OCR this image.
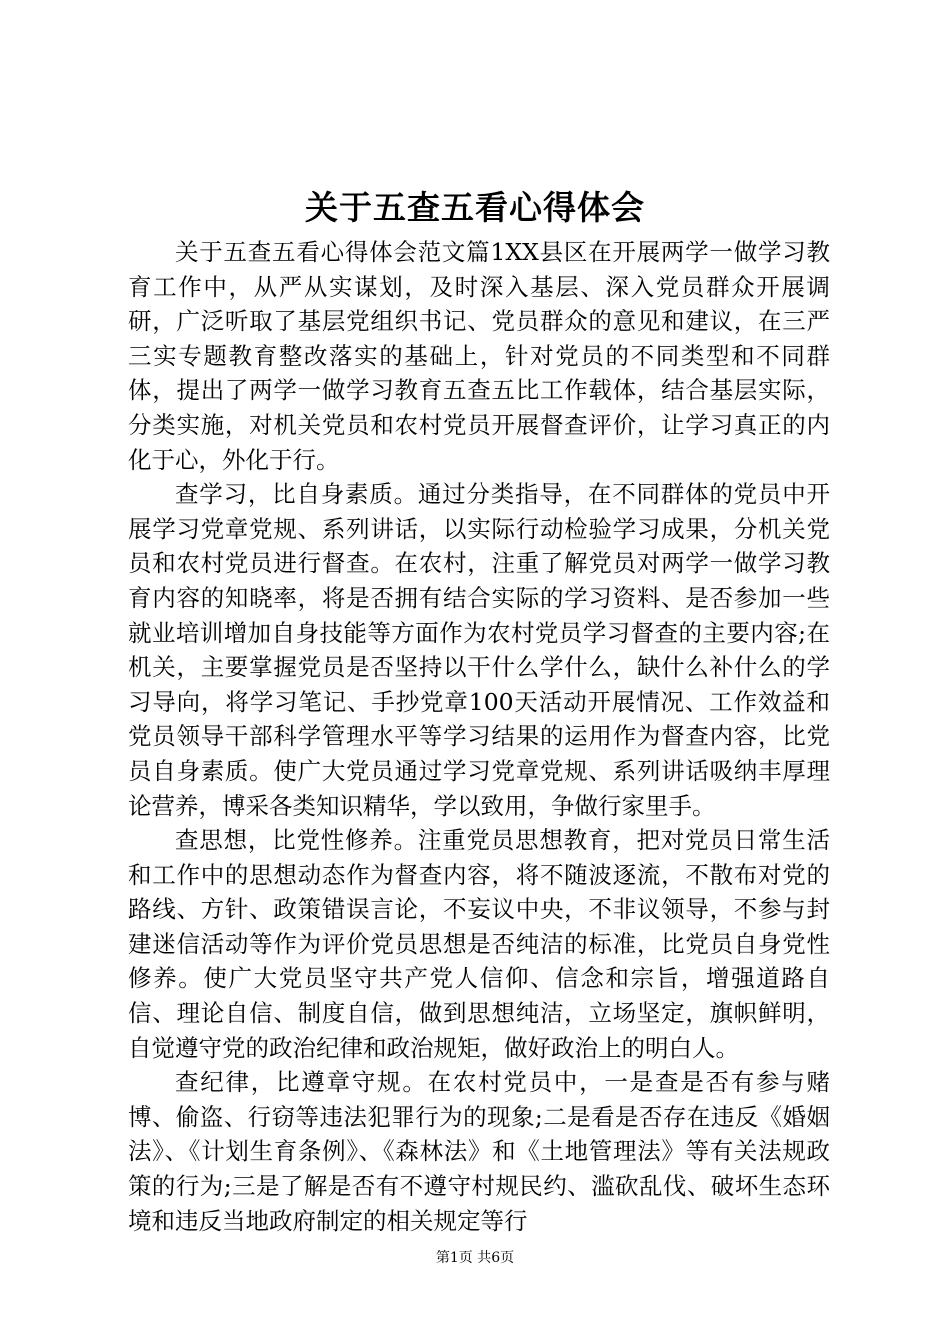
关于五查五看心得体会

关于五查五看心得体会范文篇1XX县区在开展两学一做学习教育工作中，从严从实谋划，及时深入基层、深入党员群众开展调研，广泛听取了基层党组织书记、党员群众的意见和建议，在三严三实专题教育整改落实的基础上，针对党员的不同类型和不同群体，提出了两学一做学习教育五查五比工作载体，结合基层实际，分类实施，对机关党员和农村党员开展督查评价，让学习真正的内化于心，外化于行。

查学习，比自身素质。通过分类指导，在不同群体的党员中开展学习党章党规、系列讲话，以实际行动检验学习成果，分机关党员和农村党员进行督查。在农村，注重了解党员对两学一做学习教育内容的知晓率，将是否拥有结合实际的学习资料、是否参加一些就业培训增加自身技能等方面作为农村党员学习督查的主要内容;在机关，主要掌握党员是否坚持以干什么学什么，缺什么补什么的学习导向，将学习笔记、手抄党章100天活动开展情况、工作效益和党员领导干部科学管理水平等学习结果的运用作为督查内容，比党员自身素质。使广大党员通过学习党章党规、系列讲话吸纳丰厚理论营养，博采各类知识精华，学以致用，争做行家里手。

查思想，比党性修养。注重党员思想教育，把对党员日常生活和工作中的思想动态作为督查内容，将不随波逐流，不散布对党的路线、方针、政策错误言论，不妄议中央，不非议领导，不参与封建迷信活动等作为评价党员思想是否纯洁的标准，比党员自身党性修养。使广大党员坚守共产党人信仰、信念和宗旨，增强道路自信、理论自信、制度自信，做到思想纯洁，立场坚定，旗帜鲜明，自觉遵守党的政治纪律和政治规矩，做好政治上的明白人。

查纪律，比遵章守规。在农村党员中，一是查是否有参与赌博、偷盗、行窃等违法犯罪行为的现象;二是看是否存在违反《婚姻法》、《计划生育条例》、《森林法》和《土地管理法》等有关法规政策的行为;三是了解是否有不遵守村规民约、滥砍乱伐、破坏生态环境和违反当地政府制定的相关规定等行

第1页 共6页
